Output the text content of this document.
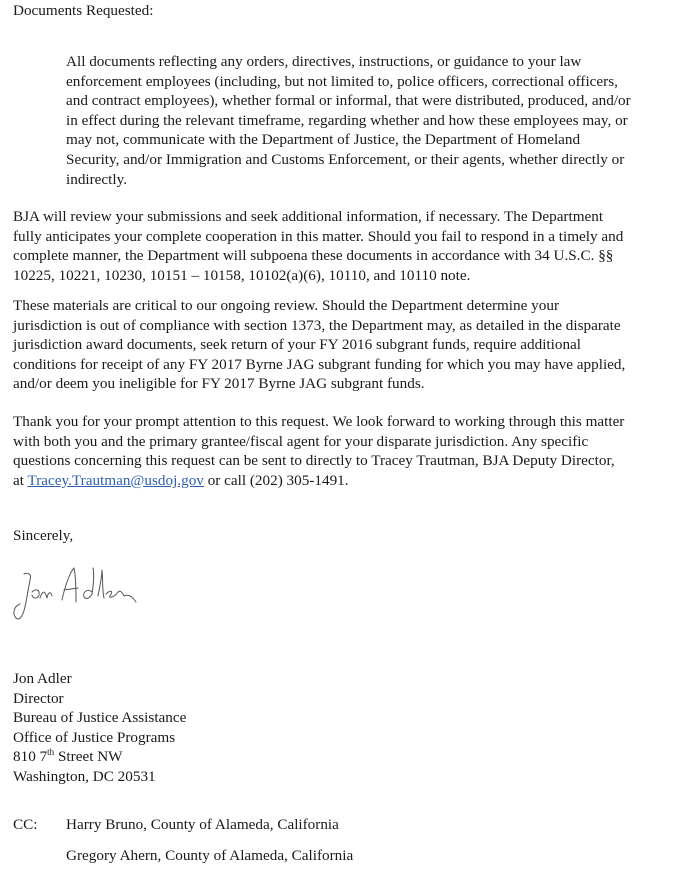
Documents Requested:
All documents reflecting any orders, directives, instructions, or guidance to your law
enforcement employees (including, but not limited to, police officers, correctional officers,
and contract employees), whether formal or informal, that were distributed, produced, and/or
in effect during the relevant timeframe, regarding whether and how these employees may, or
may not, communicate with the Department of Justice, the Department of Homeland
Security, and/or Immigration and Customs Enforcement, or their agents, whether directly or
indirectly.
BJA will review your submissions and seek additional information, if necessary. The Department
fully anticipates your complete cooperation in this matter. Should you fail to respond in a timely and
complete manner, the Department will subpoena these documents in accordance with 34 U.S.C. §§
10225, 10221, 10230, 10151 – 10158, 10102(a)(6), 10110, and 10110 note.
These materials are critical to our ongoing review. Should the Department determine your
jurisdiction is out of compliance with section 1373, the Department may, as detailed in the disparate
jurisdiction award documents, seek return of your FY 2016 subgrant funds, require additional
conditions for receipt of any FY 2017 Byrne JAG subgrant funding for which you may have applied,
and/or deem you ineligible for FY 2017 Byrne JAG subgrant funds.
Thank you for your prompt attention to this request. We look forward to working through this matter
with both you and the primary grantee/fiscal agent for your disparate jurisdiction. Any specific
questions concerning this request can be sent to directly to Tracey Trautman, BJA Deputy Director,
at Tracey.Trautman@usdoj.gov or call (202) 305-1491.
Sincerely,
Jon Adler
Director
Bureau of Justice Assistance
Office of Justice Programs
810 7th Street NW
Washington, DC 20531
CC: Harry Bruno, County of Alameda, California
Gregory Ahern, County of Alameda, California
